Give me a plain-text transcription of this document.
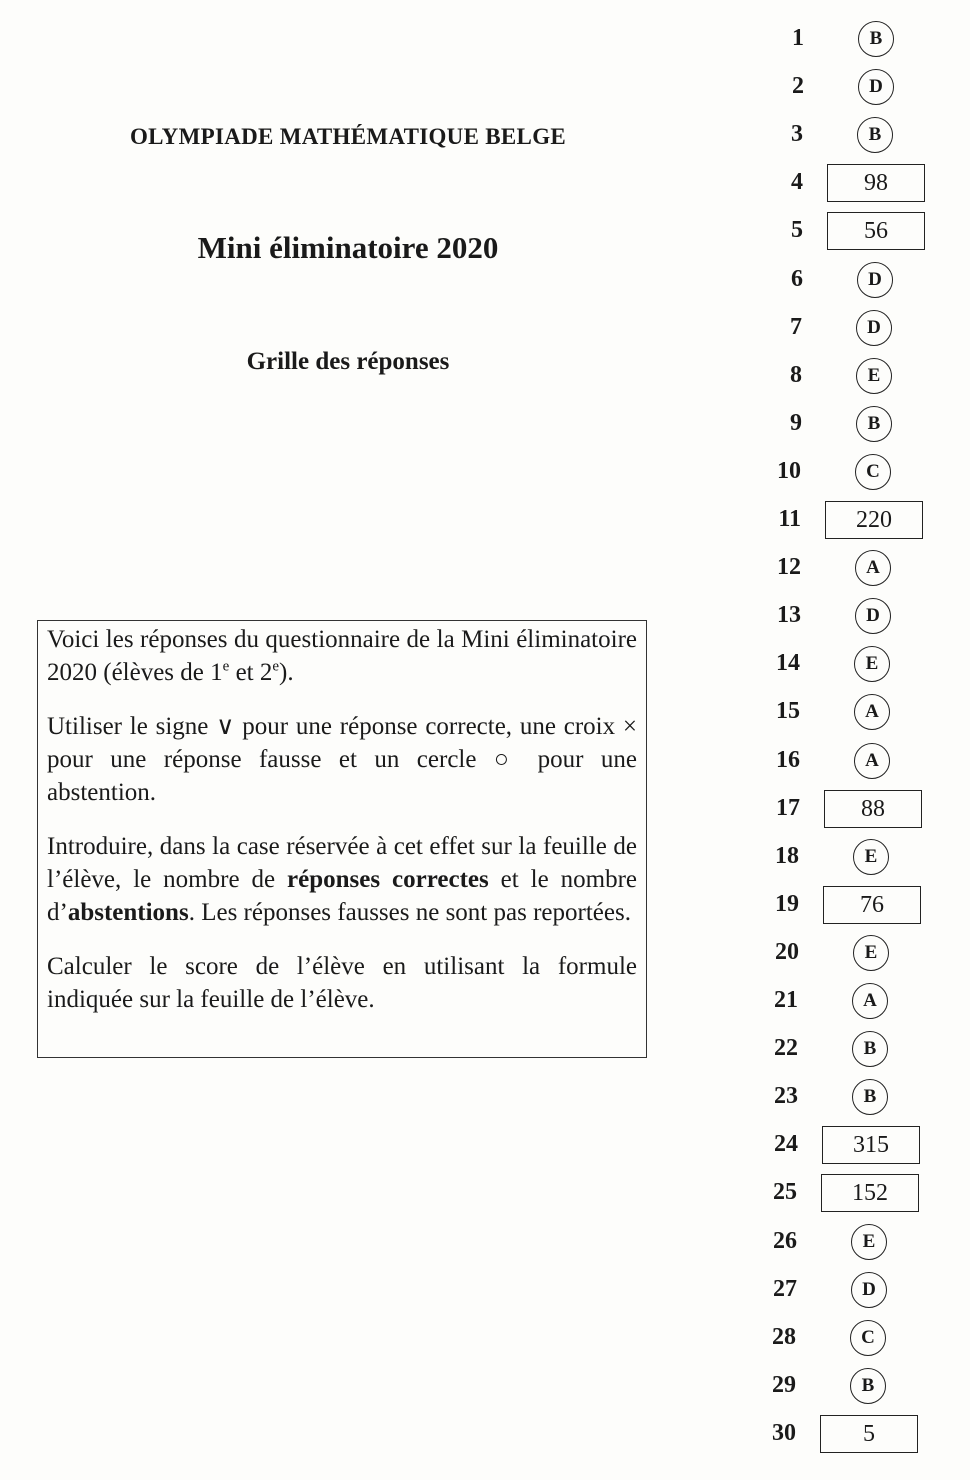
OLYMPIADE MATHÉMATIQUE BELGE
Mini éliminatoire 2020
Grille des réponses

Voici les réponses du questionnaire de la Mini éliminatoire 2020 (élèves de 1e et 2e).

Utiliser le signe ∨ pour une réponse correcte, une croix × pour une réponse fausse et un cercle ○ pour une abstention.

Introduire, dans la case réservée à cet effet sur la feuille de l’élève, le nombre de réponses correctes et le nombre d’abstentions. Les réponses fausses ne sont pas reportées.

Calculer le score de l’élève en utilisant la formule indiquée sur la feuille de l’élève.

1	B
2	D
3	B
4	98
5	56
6	D
7	D
8	E
9	B
10	C
11	220
12	A
13	D
14	E
15	A
16	A
17	88
18	E
19	76
20	E
21	A
22	B
23	B
24	315
25	152
26	E
27	D
28	C
29	B
30	5
